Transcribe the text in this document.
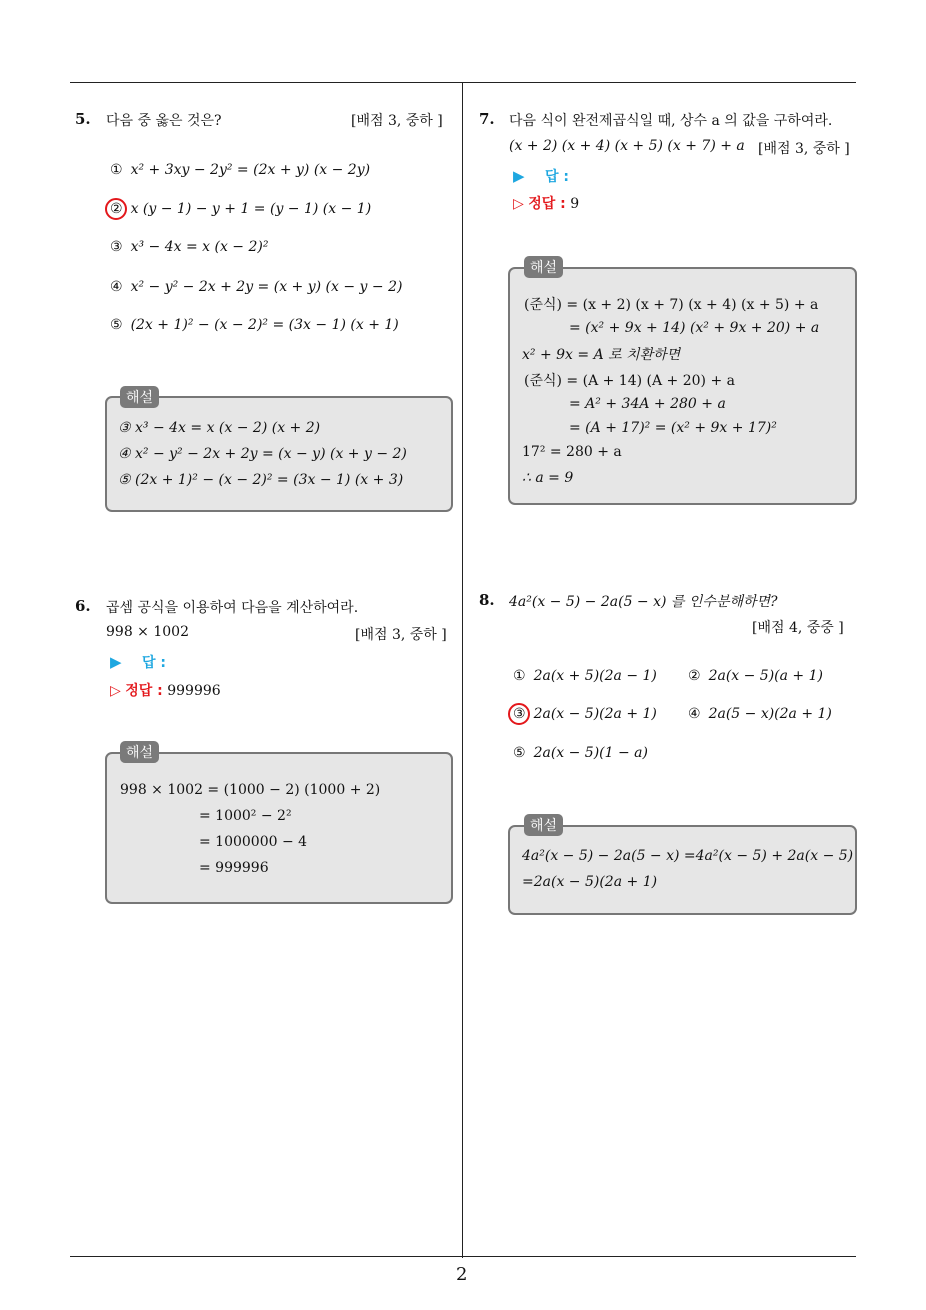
2
5. 다음 중 옳은 것은?	[배점 3, 중하 ]
① x² + 3xy − 2y² = (2x + y) (x − 2y)
② x (y − 1) − y + 1 = (y − 1) (x − 1)
③ x³ − 4x = x (x − 2)²
④ x² − y² − 2x + 2y = (x + y) (x − y − 2)
⑤ (2x + 1)² − (x − 2)² = (3x − 1) (x + 1)
해설
③ x³ − 4x = x (x − 2) (x + 2)
④ x² − y² − 2x + 2y = (x − y) (x + y − 2)
⑤ (2x + 1)² − (x − 2)² = (3x − 1) (x + 3)
6. 곱셈 공식을 이용하여 다음을 계산하여라.
998 × 1002	[배점 3, 중하 ]
▶ 답 :
▷ 정답 : 999996
해설
998 × 1002 = (1000 − 2) (1000 + 2)
= 1000² − 2²
= 1000000 − 4
= 999996
7. 다음 식이 완전제곱식일 때, 상수 a 의 값을 구하여라.
(x + 2) (x + 4) (x + 5) (x + 7) + a [배점 3, 중하 ]
▶ 답 :
▷ 정답 : 9
해설
(준식) = (x + 2) (x + 7) (x + 4) (x + 5) + a
= (x² + 9x + 14) (x² + 9x + 20) + a
x² + 9x = A 로 치환하면
(준식) = (A + 14) (A + 20) + a
= A² + 34A + 280 + a
= (A + 17)² = (x² + 9x + 17)²
17² = 280 + a
∴ a = 9
8. 4a²(x − 5) − 2a(5 − x) 를 인수분해하면?
[배점 4, 중중 ]
① 2a(x + 5)(2a − 1) ② 2a(x − 5)(a + 1)
③ 2a(x − 5)(2a + 1) ④ 2a(5 − x)(2a + 1)
⑤ 2a(x − 5)(1 − a)
해설
4a²(x − 5) − 2a(5 − x) =4a²(x − 5) + 2a(x − 5)
=2a(x − 5)(2a + 1)
